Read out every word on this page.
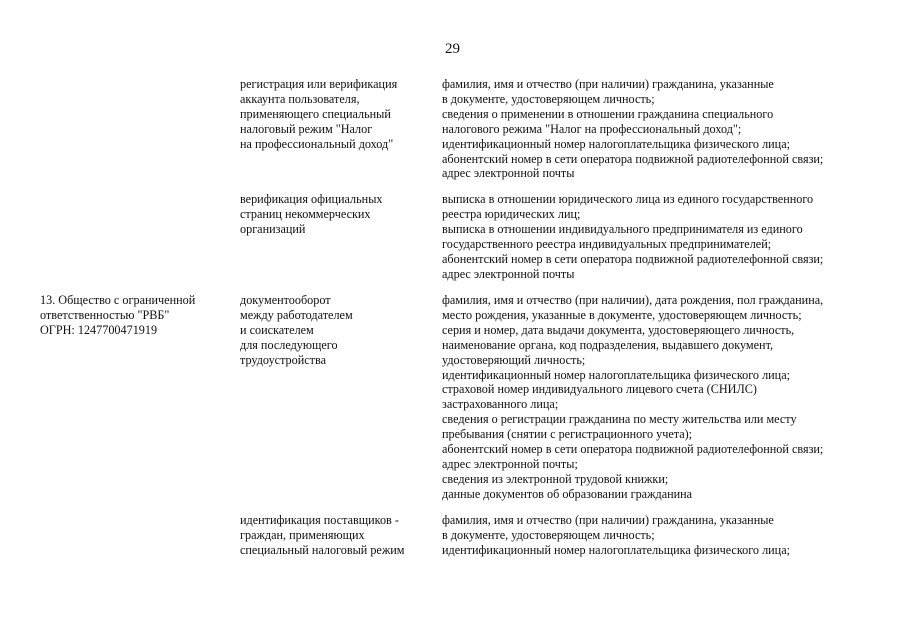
29
регистрация или верификация
аккаунта пользователя,
применяющего специальный
налоговый режим "Налог
на профессиональный доход"
фамилия, имя и отчество (при наличии) гражданина, указанные
в документе, удостоверяющем личность;
сведения о применении в отношении гражданина специального
налогового режима "Налог на профессиональный доход";
идентификационный номер налогоплательщика физического лица;
абонентский номер в сети оператора подвижной радиотелефонной связи;
адрес электронной почты
верификация официальных
страниц некоммерческих
организаций
выписка в отношении юридического лица из единого государственного
реестра юридических лиц;
выписка в отношении индивидуального предпринимателя из единого
государственного реестра индивидуальных предпринимателей;
абонентский номер в сети оператора подвижной радиотелефонной связи;
адрес электронной почты
13. Общество с ограниченной
ответственностью "РВБ"
ОГРН: 1247700471919
документооборот
между работодателем
и соискателем
для последующего
трудоустройства
фамилия, имя и отчество (при наличии), дата рождения, пол гражданина,
место рождения, указанные в документе, удостоверяющем личность;
серия и номер, дата выдачи документа, удостоверяющего личность,
наименование органа, код подразделения, выдавшего документ,
удостоверяющий личность;
идентификационный номер налогоплательщика физического лица;
страховой номер индивидуального лицевого счета (СНИЛС)
застрахованного лица;
сведения о регистрации гражданина по месту жительства или месту
пребывания (снятии с регистрационного учета);
абонентский номер в сети оператора подвижной радиотелефонной связи;
адрес электронной почты;
сведения из электронной трудовой книжки;
данные документов об образовании гражданина
идентификация поставщиков -
граждан, применяющих
специальный налоговый режим
фамилия, имя и отчество (при наличии) гражданина, указанные
в документе, удостоверяющем личность;
идентификационный номер налогоплательщика физического лица;
